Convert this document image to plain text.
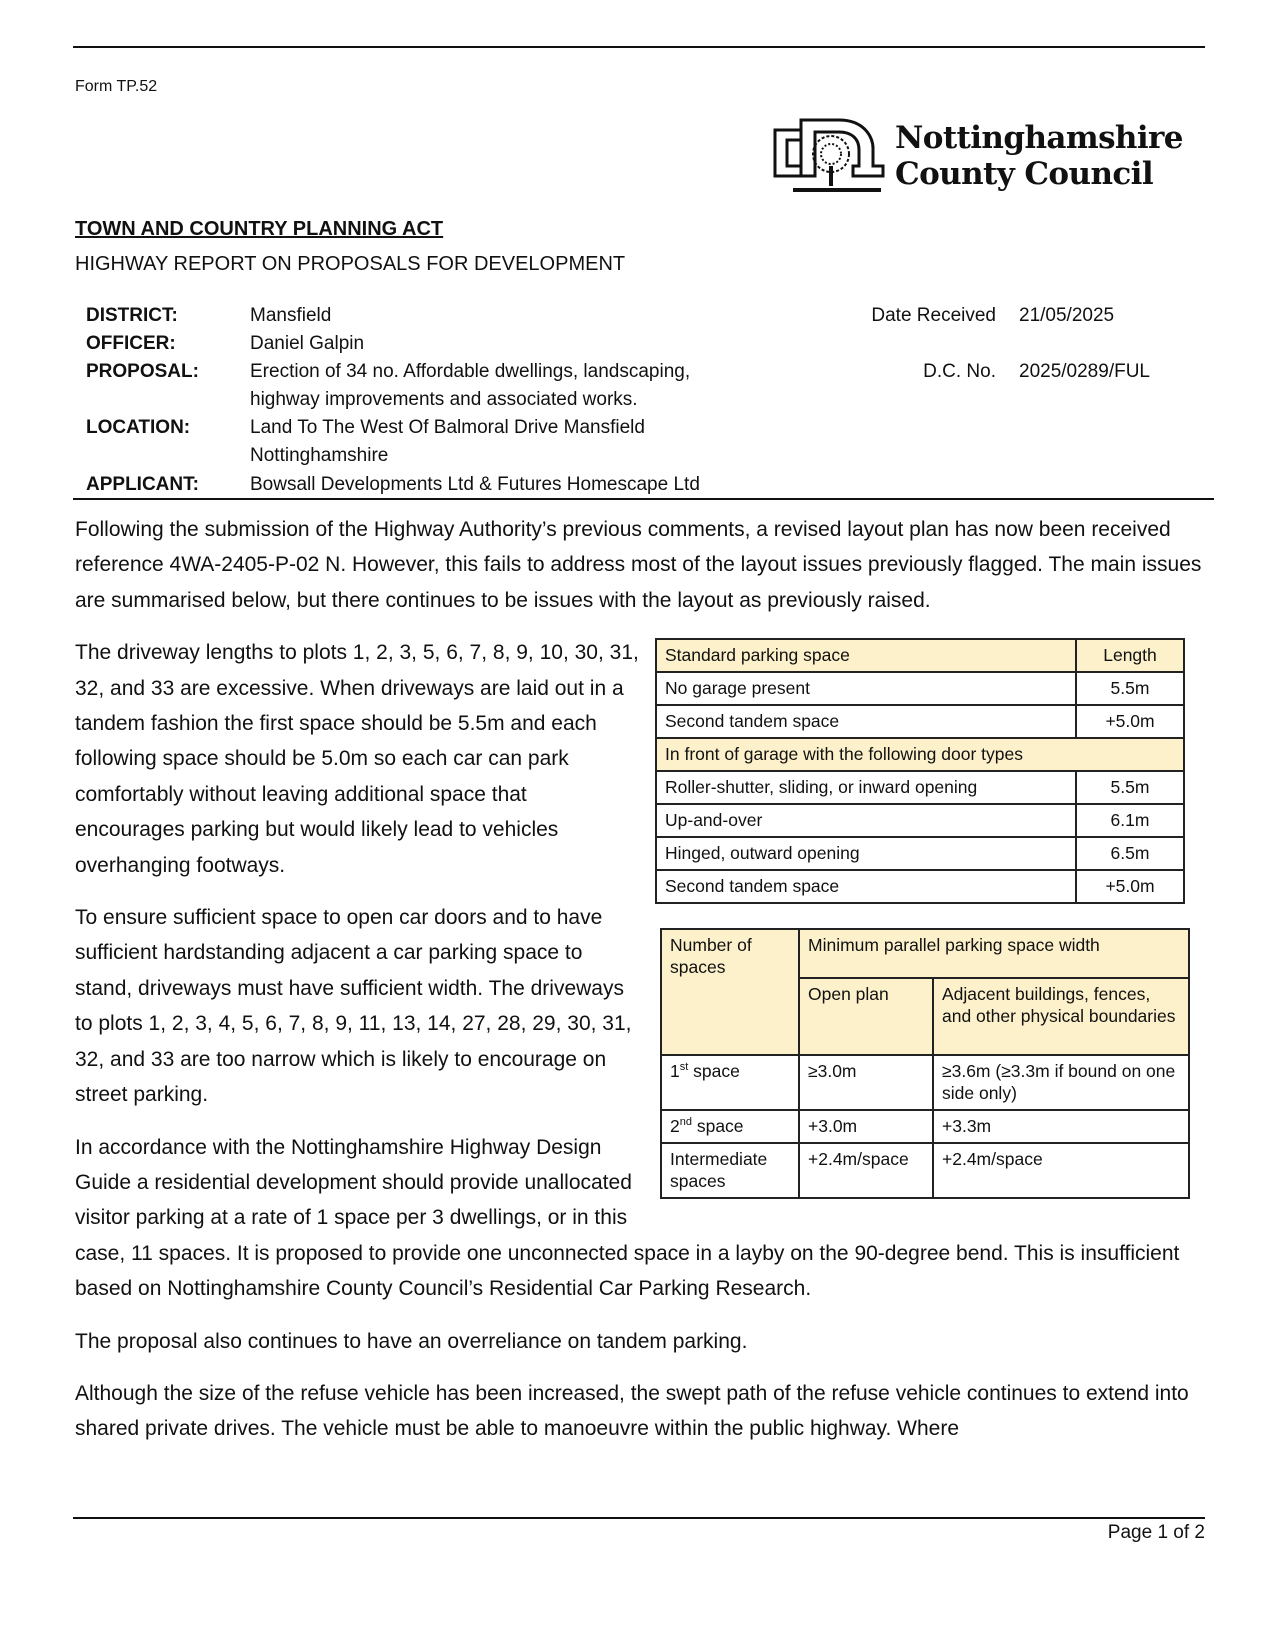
Form TP.52
Nottinghamshire
County Council
TOWN AND COUNTRY PLANNING ACT
HIGHWAY REPORT ON PROPOSALS FOR DEVELOPMENT
DISTRICT:	Mansfield
OFFICER:	Daniel Galpin
PROPOSAL:	Erection of 34 no. Affordable dwellings, landscaping, highway improvements and associated works.
LOCATION:	Land To The West Of Balmoral Drive Mansfield Nottinghamshire
APPLICANT:	Bowsall Developments Ltd & Futures Homescape Ltd
Date Received 21/05/2025
D.C. No. 2025/0289/FUL

Following the submission of the Highway Authority’s previous comments, a revised layout plan has now been received reference 4WA-2405-P-02 N. However, this fails to address most of the layout issues previously flagged. The main issues are summarised below, but there continues to be issues with the layout as previously raised.

Standard parking space	Length
No garage present	5.5m
Second tandem space	+5.0m
In front of garage with the following door types	
Roller-shutter, sliding, or inward opening	5.5m
Up-and-over	6.1m
Hinged, outward opening	6.5m
Second tandem space	+5.0m
Number of spaces	Minimum parallel parking space width	
	Open plan	Adjacent buildings, fences, and other physical boundaries
1st space	≥3.0m	≥3.6m (≥3.3m if bound on one side only)
2nd space	+3.0m	+3.3m
Intermediate spaces	+2.4m/space	+2.4m/space

The driveway lengths to plots 1, 2, 3, 5, 6, 7, 8, 9, 10, 30, 31, 32, and 33 are excessive. When driveways are laid out in a tandem fashion the first space should be 5.5m and each following space should be 5.0m so each car can park comfortably without leaving additional space that encourages parking but would likely lead to vehicles overhanging footways.

To ensure sufficient space to open car doors and to have sufficient hardstanding adjacent a car parking space to stand, driveways must have sufficient width. The driveways to plots 1, 2, 3, 4, 5, 6, 7, 8, 9, 11, 13, 14, 27, 28, 29, 30, 31, 32, and 33 are too narrow which is likely to encourage on street parking.

In accordance with the Nottinghamshire Highway Design Guide a residential development should provide unallocated visitor parking at a rate of 1 space per 3 dwellings, or in this case, 11 spaces. It is proposed to provide one unconnected space in a layby on the 90-degree bend. This is insufficient based on Nottinghamshire County Council’s Residential Car Parking Research.

The proposal also continues to have an overreliance on tandem parking.

Although the size of the refuse vehicle has been increased, the swept path of the refuse vehicle continues to extend into shared private drives. The vehicle must be able to manoeuvre within the public highway. Where

Page 1 of 2
